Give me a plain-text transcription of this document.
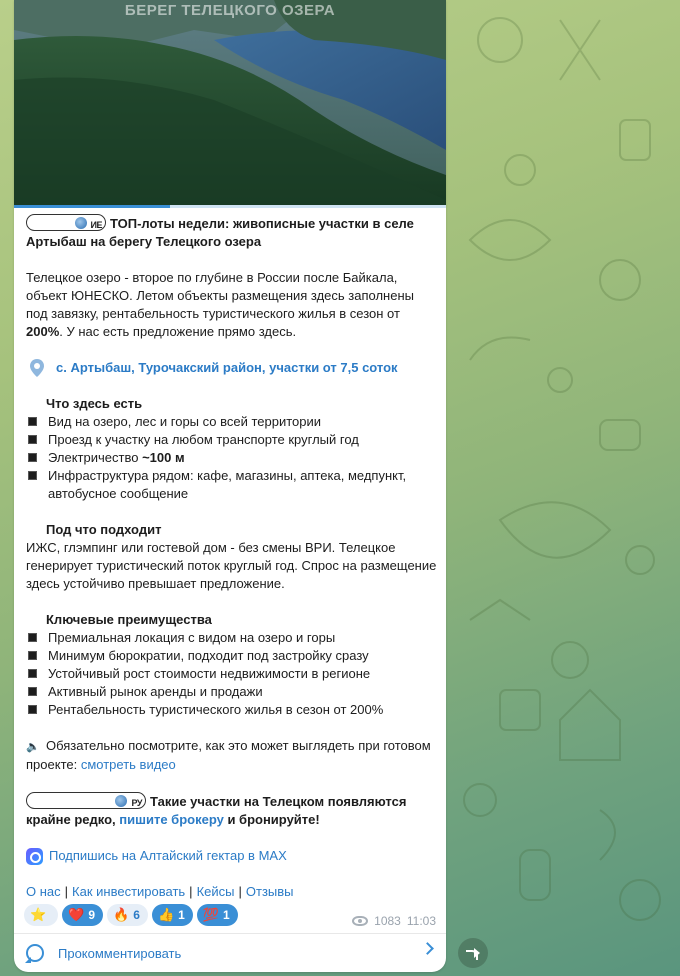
БЕРЕГ ТЕЛЕЦКОГО ОЗЕРА
ИЕ ТОП-лоты недели: живописные участки в селе Артыбаш на берегу Телецкого озера
Телецкое озеро - второе по глубине в России после Байкала, объект ЮНЕСКО. Летом объекты размещения здесь заполнены под завязку, рентабельность туристического жилья в сезон от 200%. У нас есть предложение прямо здесь.
с. Артыбаш, Турочакский район, участки от 7,5 соток
Что здесь есть
Вид на озеро, лес и горы со всей территории
Проезд к участку на любом транспорте круглый год
Электричество ~100 м
Инфраструктура рядом: кафе, магазины, аптека, медпункт, автобусное сообщение
Под что подходит
ИЖС, глэмпинг или гостевой дом - без смены ВРИ. Телецкое генерирует туристический поток круглый год. Спрос на размещение здесь устойчиво превышает предложение.
Ключевые преимущества
Премиальная локация с видом на озеро и горы
Минимум бюрократии, подходит под застройку сразу
Устойчивый рост стоимости недвижимости в регионе
Активный рынок аренды и продажи
Рентабельность туристического жилья в сезон от 200%
🔈 Обязательно посмотрите, как это может выглядеть при готовом проекте: смотреть видео
РУ Такие участки на Телецком появляются крайне редко, пишите брокеру и бронируйте!
Подпишись на Алтайский гектар в MAX
О нас | Как инвестировать | Кейсы | Отзывы
⭐ ❤️ 9 🔥 6 👍 1 💯 1	1083 11:03
Прокомментировать
